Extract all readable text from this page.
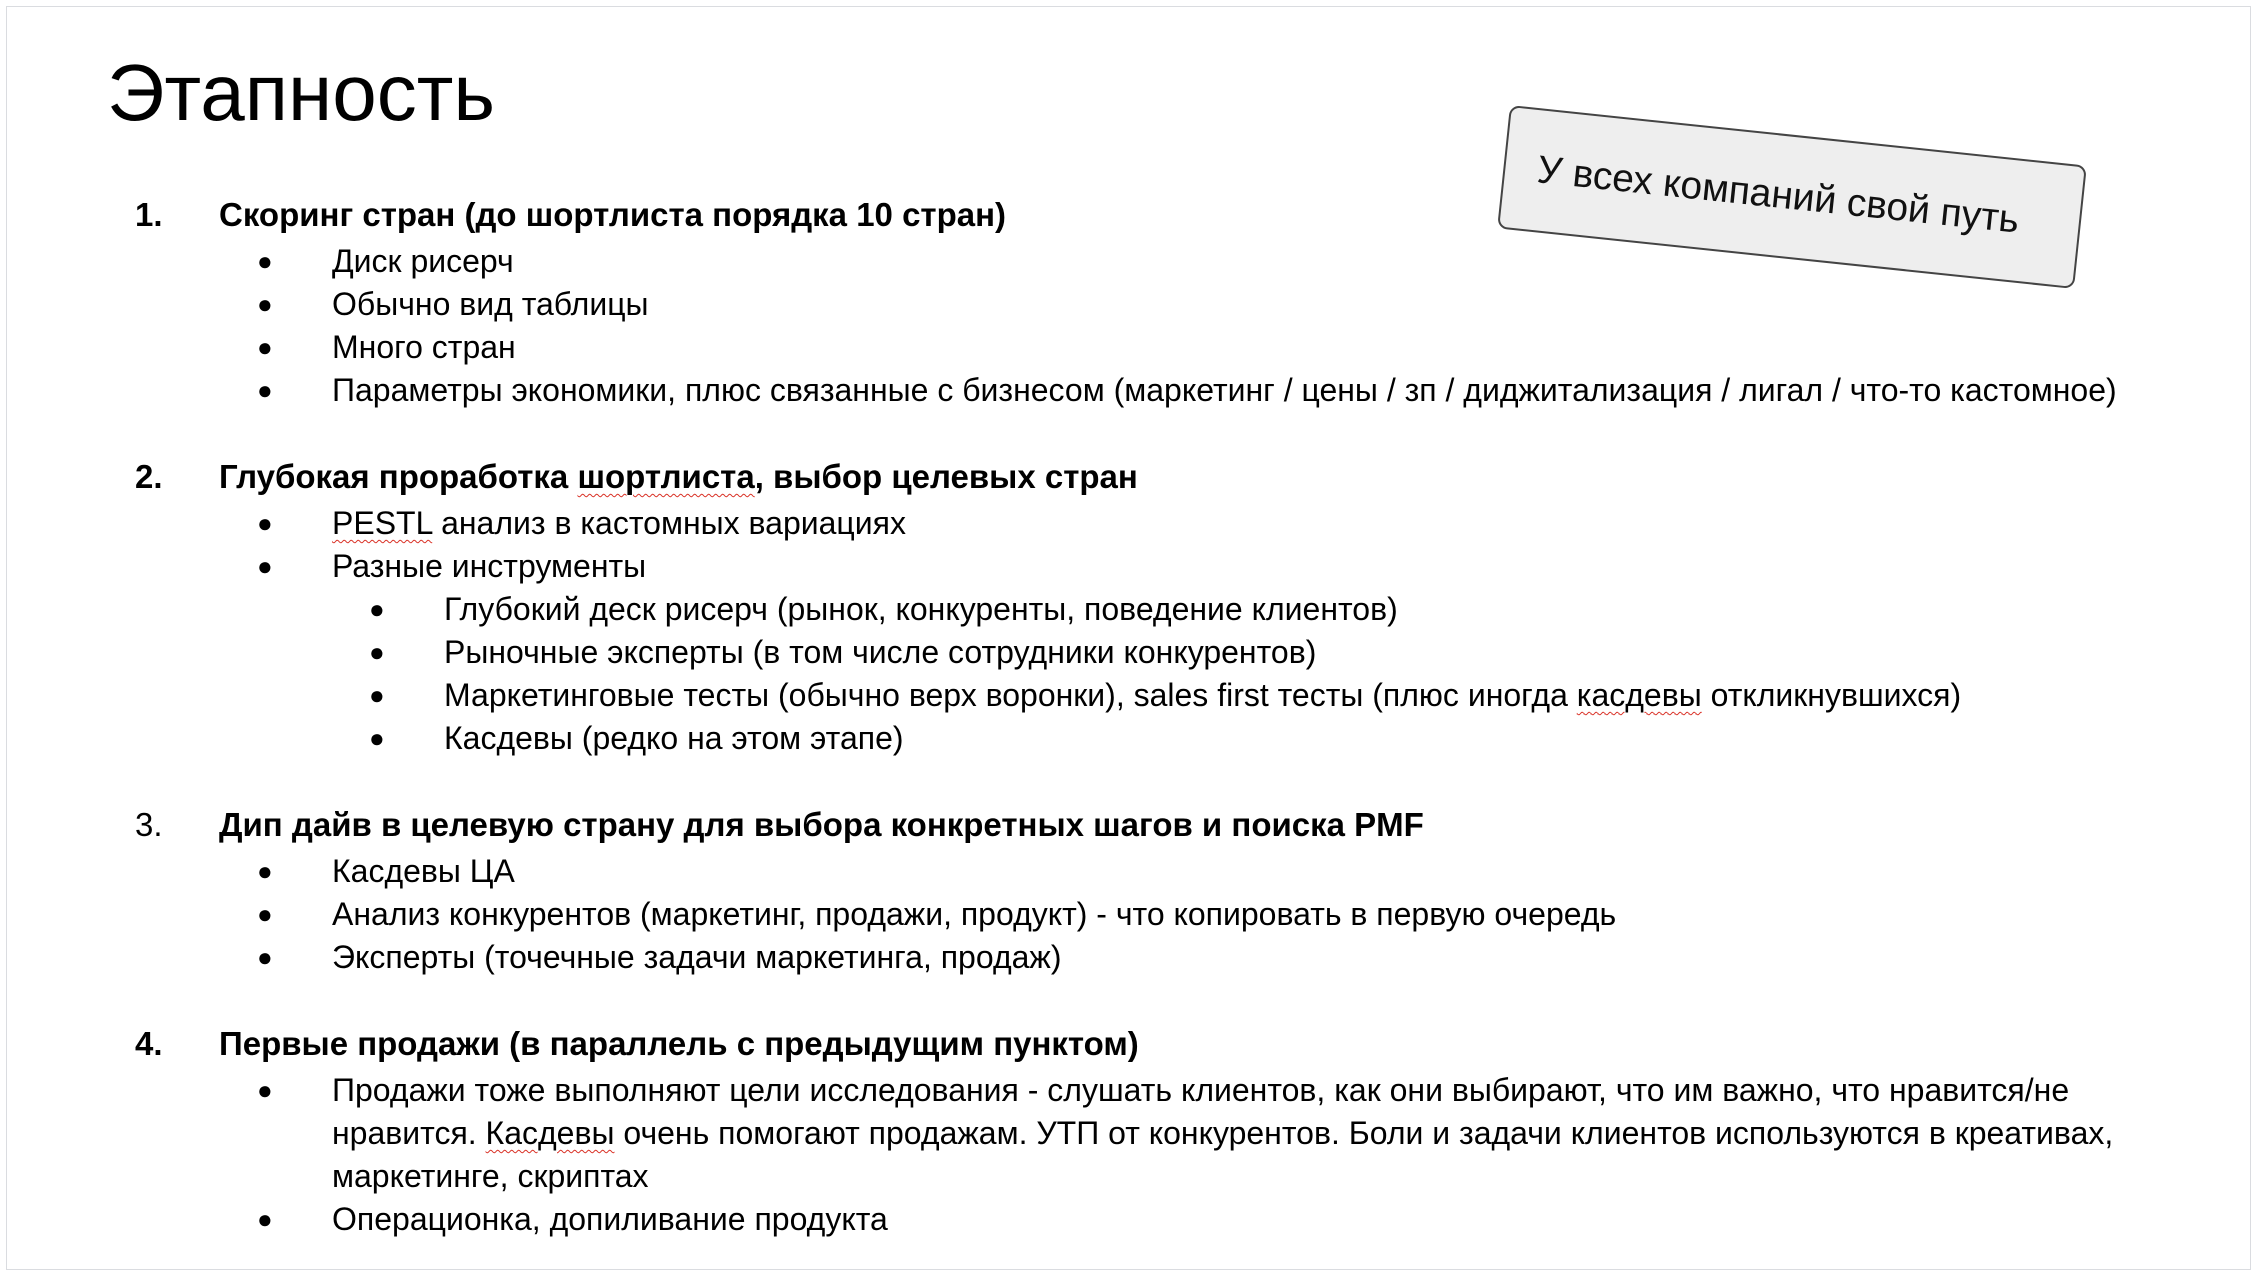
Этапность
У всех компаний свой путь
1. Скоринг стран (до шортлиста порядка 10 стран)
● Диск рисерч
● Обычно вид таблицы
● Много стран
● Параметры экономики, плюс связанные с бизнесом (маркетинг / цены / зп / диджитализация / лигал / что-то кастомное)
2. Глубокая проработка шортлиста, выбор целевых стран
● PESTL анализ в кастомных вариациях
● Разные инструменты
● Глубокий деск рисерч (рынок, конкуренты, поведение клиентов)
● Рыночные эксперты (в том числе сотрудники конкурентов)
● Маркетинговые тесты (обычно верх воронки), sales first тесты (плюс иногда касдевы откликнувшихся)
● Касдевы (редко на этом этапе)
3. Дип дайв в целевую страну для выбора конкретных шагов и поиска PMF
● Касдевы ЦА
● Анализ конкурентов (маркетинг, продажи, продукт) - что копировать в первую очередь
● Эксперты (точечные задачи маркетинга, продаж)
4. Первые продажи (в параллель с предыдущим пунктом)
● Продажи тоже выполняют цели исследования - слушать клиентов, как они выбирают, что им важно, что нравится/не
нравится. Касдевы очень помогают продажам. УТП от конкурентов. Боли и задачи клиентов используются в креативах,
маркетинге, скриптах
● Операционка, допиливание продукта
